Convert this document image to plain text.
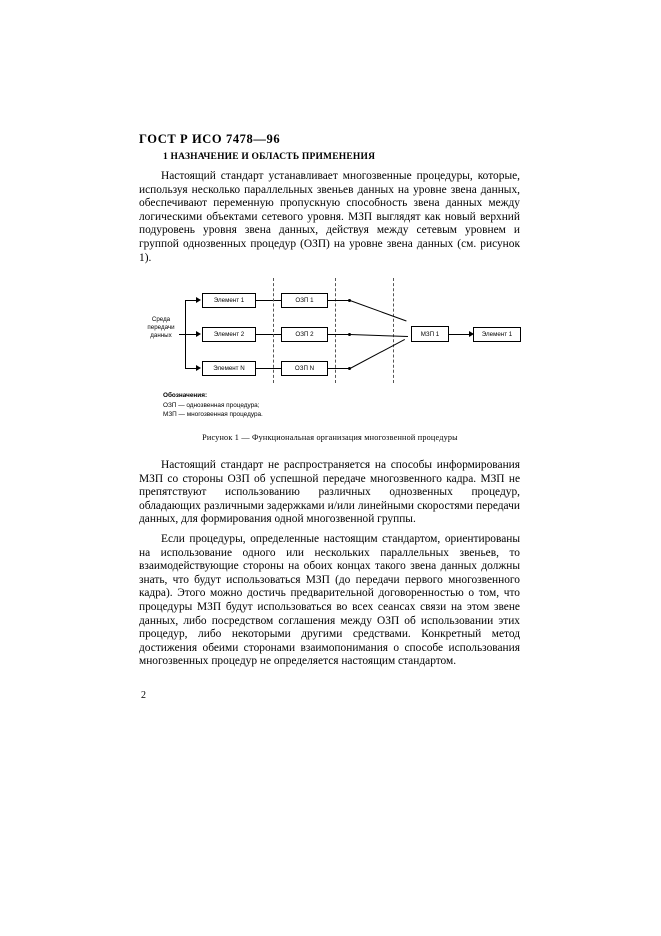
ГОСТ Р ИСО 7478—96
1 НАЗНАЧЕНИЕ И ОБЛАСТЬ ПРИМЕНЕНИЯ
Настоящий стандарт устанавливает многозвенные процедуры, которые, используя несколько параллельных звеньев данных на уровне звена данных, обеспечивают переменную пропускную способность звена данных между логическими объектами сетевого уровня. МЗП выглядят как новый верхний подуровень уровня звена данных, действуя между сетевым уровнем и группой однозвенных процедур (ОЗП) на уровне звена данных (см. рисунок 1).
Среда передачи данных
Элемент 1
Элемент 2
Элемент N
ОЗП 1
ОЗП 2
ОЗП N
МЗП 1	Элемент 1
Обозначения:
ОЗП — однозвенная процедура;
МЗП — многозвенная процедура.
Рисунок 1 — Функциональная организация многозвенной процедуры
Настоящий стандарт не распространяется на способы информирования МЗП со стороны ОЗП об успешной передаче многозвенного кадра. МЗП не препятствуют использованию различных однозвенных процедур, обладающих различными задержками и/или линейными скоростями передачи данных, для формирования одной многозвенной группы.
Если процедуры, определенные настоящим стандартом, ориентированы на использование одного или нескольких параллельных звеньев, то взаимодействующие стороны на обоих концах такого звена данных должны знать, что будут использоваться МЗП (до передачи первого многозвенного кадра). Этого можно достичь предварительной договоренностью о том, что процедуры МЗП будут использоваться во всех сеансах связи на этом звене данных, либо посредством соглашения между ОЗП об использовании этих процедур, либо некоторыми другими средствами. Конкретный метод достижения обеими сторонами взаимопонимания о способе использования многозвенных процедур не определяется настоящим стандартом.
2
